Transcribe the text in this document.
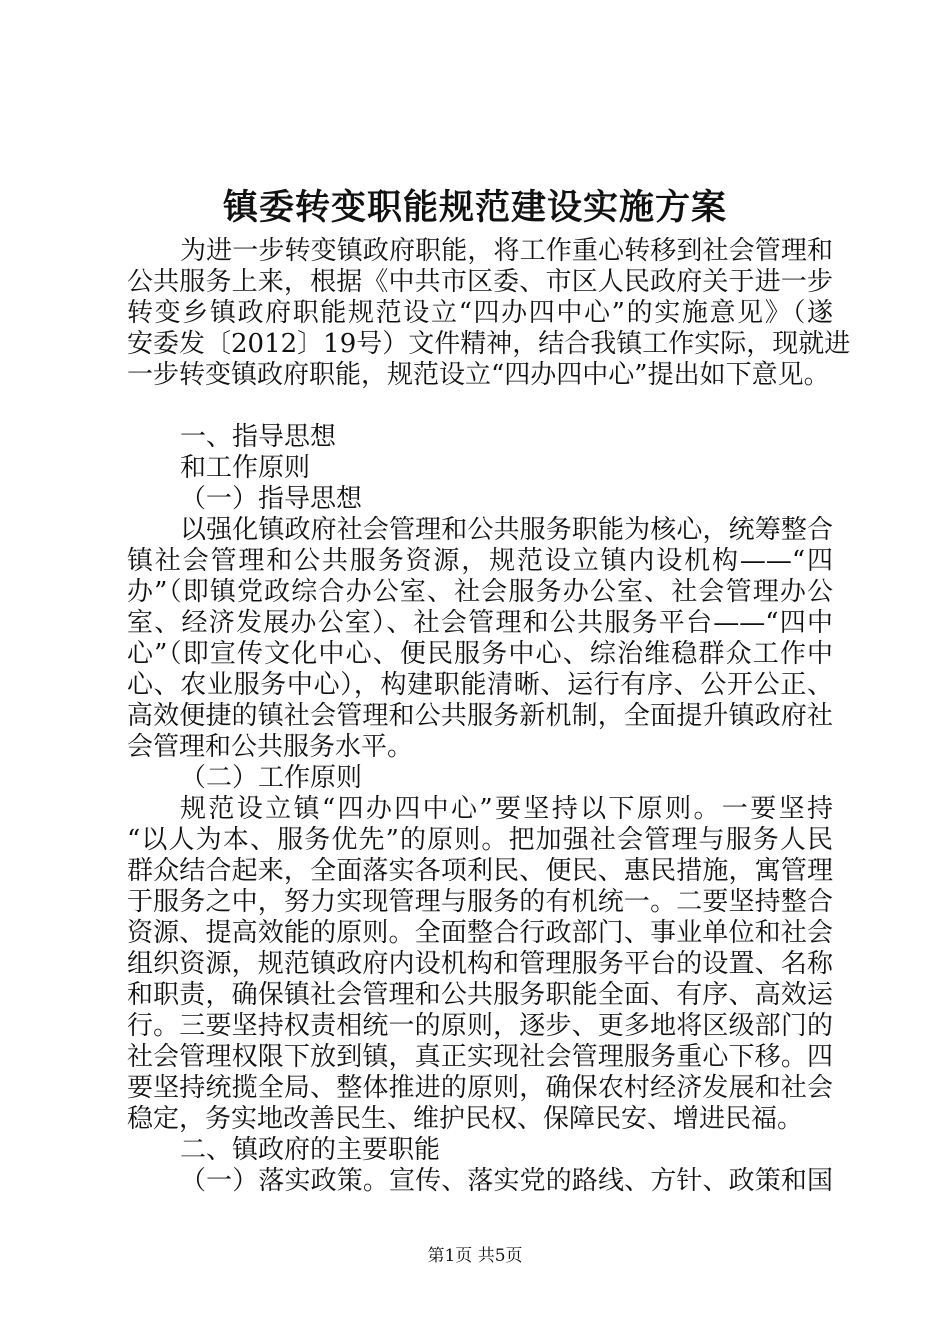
镇委转变职能规范建设实施方案
为进一步转变镇政府职能，将工作重心转移到社会管理和
公共服务上来，根据《中共市区委、市区人民政府关于进一步
转变乡镇政府职能规范设立“四办四中心”的实施意见》（遂
安委发〔2012〕19号）文件精神，结合我镇工作实际，现就进
一步转变镇政府职能，规范设立“四办四中心”提出如下意见。
一、指导思想
和工作原则
（一）指导思想
以强化镇政府社会管理和公共服务职能为核心，统筹整合
镇社会管理和公共服务资源，规范设立镇内设机构——“四
办”（即镇党政综合办公室、社会服务办公室、社会管理办公
室、经济发展办公室）、社会管理和公共服务平台——“四中
心”（即宣传文化中心、便民服务中心、综治维稳群众工作中
心、农业服务中心），构建职能清晰、运行有序、公开公正、
高效便捷的镇社会管理和公共服务新机制，全面提升镇政府社
会管理和公共服务水平。
（二）工作原则
规范设立镇“四办四中心”要坚持以下原则。一要坚持
“以人为本、服务优先”的原则。把加强社会管理与服务人民
群众结合起来，全面落实各项利民、便民、惠民措施，寓管理
于服务之中，努力实现管理与服务的有机统一。二要坚持整合
资源、提高效能的原则。全面整合行政部门、事业单位和社会
组织资源，规范镇政府内设机构和管理服务平台的设置、名称
和职责，确保镇社会管理和公共服务职能全面、有序、高效运
行。三要坚持权责相统一的原则，逐步、更多地将区级部门的
社会管理权限下放到镇，真正实现社会管理服务重心下移。四
要坚持统揽全局、整体推进的原则，确保农村经济发展和社会
稳定，务实地改善民生、维护民权、保障民安、增进民福。
二、镇政府的主要职能
（一）落实政策。宣传、落实党的路线、方针、政策和国
第1页 共5页
